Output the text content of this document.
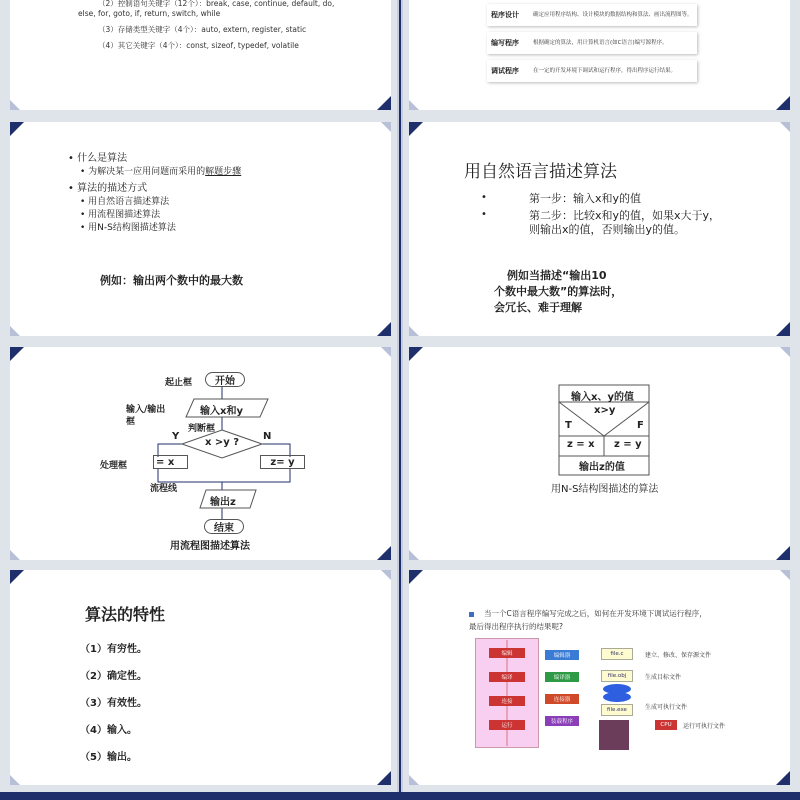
（2）控制语句关键字（12个）：break, case, continue, default, do,
else, for, goto, if, return, switch, while
（3）存储类型关键字（4个）：auto, extern, register, static
（4）其它关键字（4个）：const, sizeof, typedef, volatile
程序设计	确定应用程序结构、设计模块的数据结构和算法、画出流程图等。
编写程序	根据确定的算法，用计算机语言(如C语言)编写源程序。
调试程序	在一定的开发环境下调试和运行程序，得出程序运行结果。
• 什么是算法
• 为解决某一应用问题而采用的解题步骤
• 算法的描述方式
• 用自然语言描述算法
• 用流程图描述算法
• 用N-S结构图描述算法
例如：输出两个数中的最大数
用自然语言描述算法
•	第一步：输入x和y的值
•	第二步：比较x和y的值，如果x大于y，
则输出x的值，否则输出y的值。
例如当描述“输出10
个数中最大数”的算法时，
会冗长、难于理解
起止框	开始
输入/输出
框
输入x和y
判断框
Y	N
x >y ?
处理框	= x	z= y
流程线
输出z
结束
用流程图描述算法
输入x、y的值
x>y
T	F
z = x z = y
输出z的值
用N-S结构图描述的算法
算法的特性
（1）有穷性。
（2）确定性。
（3）有效性。
（4）输入。
（5）输出。
当一个C语言程序编写完成之后，如何在开发环境下调试运行程序，
最后得出程序执行的结果呢?
编辑
编译
连接
运行
编辑器
编译器
连接器
装载程序
file.c
file.obj
file.exe
建立、修改、保存源文件
生成目标文件
生成可执行文件
CPU	运行可执行文件
